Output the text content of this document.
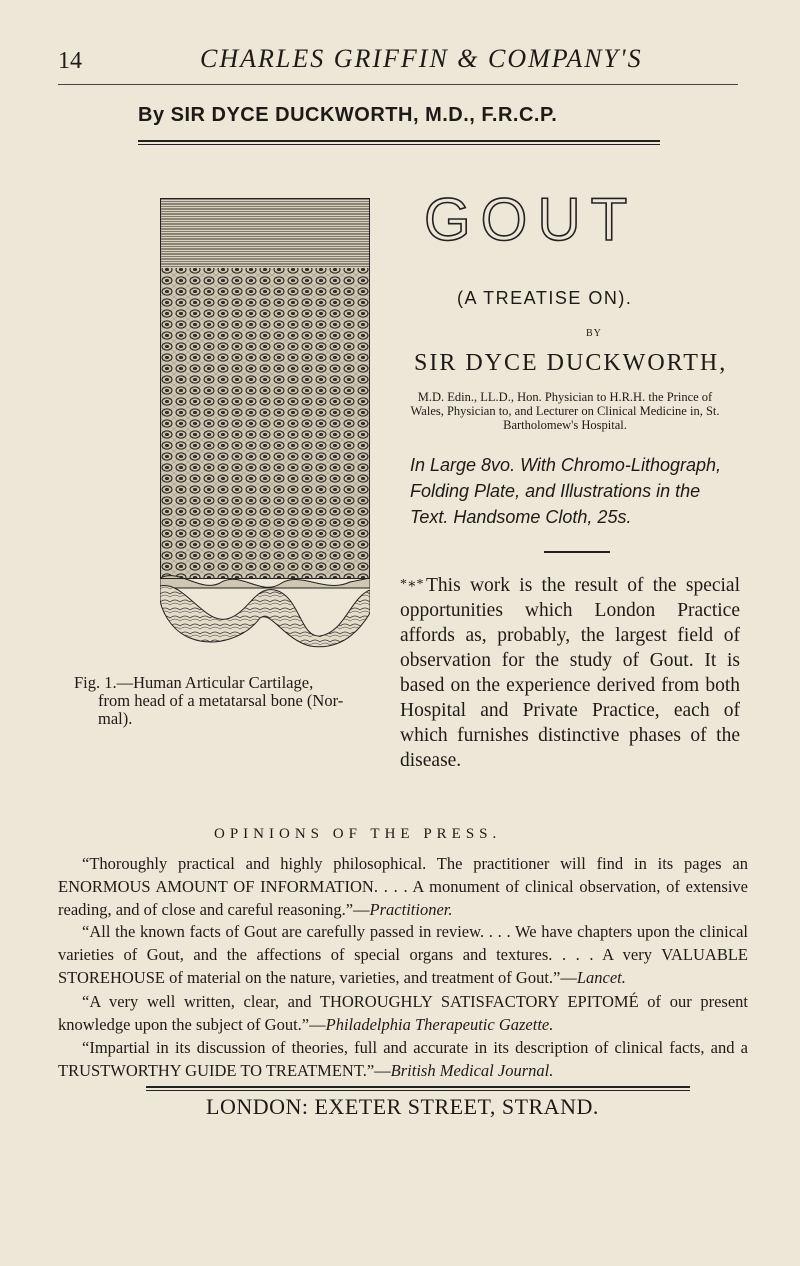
14	CHARLES GRIFFIN & COMPANY'S
By SIR DYCE DUCKWORTH, M.D., F.R.C.P.
Fig. 1.—Human Articular Cartilage,

from head of a metatarsal bone (Nor-
mal).
GOUT
(A TREATISE ON).
BY
SIR DYCE DUCKWORTH,
M.D. Edin., LL.D., Hon. Physician to H.R.H. the Prince of Wales, Physician to, and Lecturer on Clinical Medicine in, St. Bartholomew's Hospital.
In Large 8vo. With Chromo-Lithograph, Folding Plate, and Illustrations in the Text. Handsome Cloth, 25s.
*∗* This work is the result of the special opportunities which London Practice affords as, probably, the largest field of observation for the study of Gout. It is based on the experience derived from both Hospital and Private Practice, each of which furnishes distinctive phases of the disease.
OPINIONS OF THE PRESS.
“Thoroughly practical and highly philosophical. The practitioner will find in its pages an ENORMOUS AMOUNT OF INFORMATION. . . . A monument of clinical observation, of extensive reading, and of close and careful reasoning.”—Practitioner.
“All the known facts of Gout are carefully passed in review. . . . We have chapters upon the clinical varieties of Gout, and the affections of special organs and textures. . . . A very VALUABLE STOREHOUSE of material on the nature, varieties, and treatment of Gout.”—Lancet.
“A very well written, clear, and THOROUGHLY SATISFACTORY EPITOMÉ of our present knowledge upon the subject of Gout.”—Philadelphia Therapeutic Gazette.
“Impartial in its discussion of theories, full and accurate in its description of clinical facts, and a TRUSTWORTHY GUIDE TO TREATMENT.”—British Medical Journal.
LONDON: EXETER STREET, STRAND.
